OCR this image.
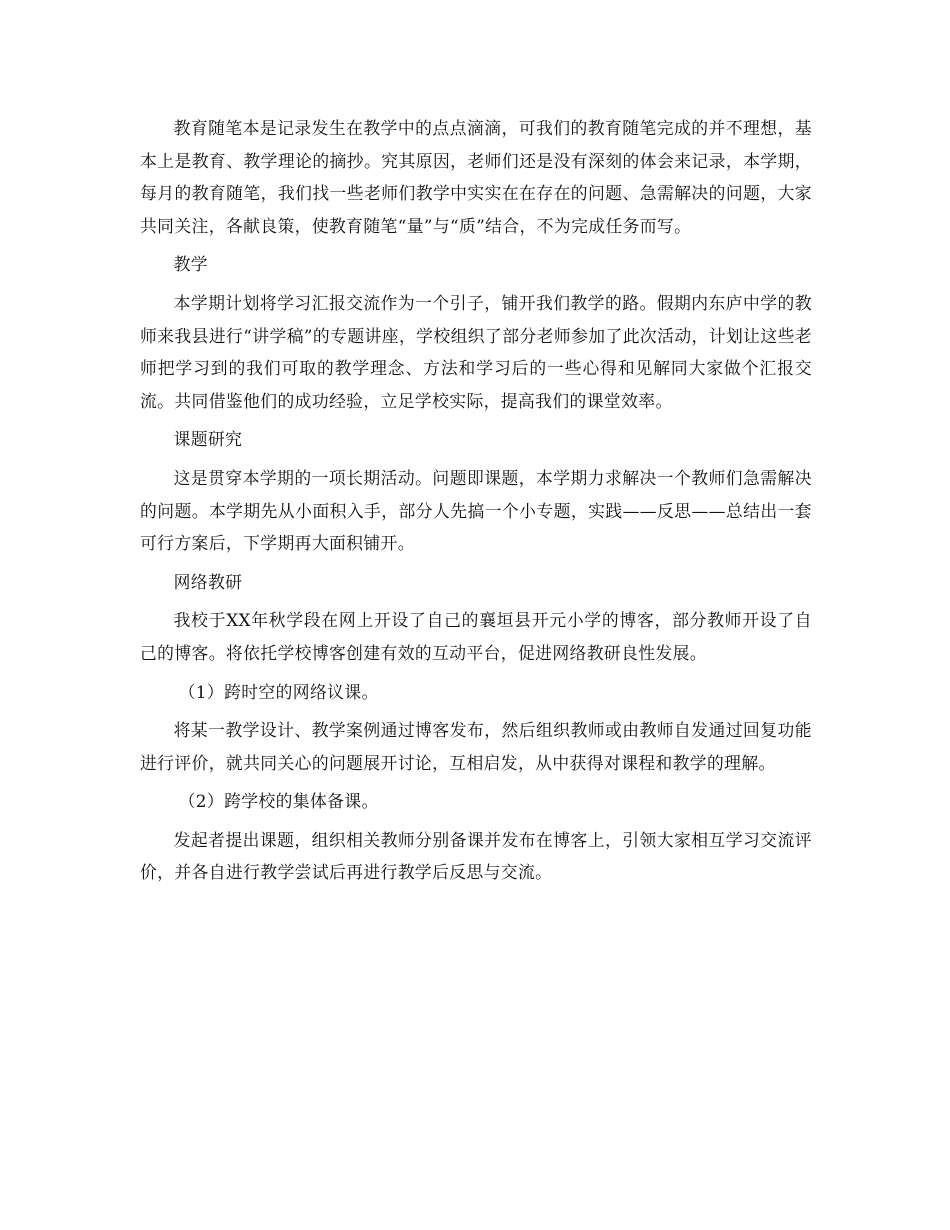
教育随笔本是记录发生在教学中的点点滴滴，可我们的教育随笔完成的并不理想，基本上是教育、教学理论的摘抄。究其原因，老师们还是没有深刻的体会来记录，本学期，每月的教育随笔，我们找一些老师们教学中实实在在存在的问题、急需解决的问题，大家共同关注，各献良策，使教育随笔“量”与“质”结合，不为完成任务而写。

教学

本学期计划将学习汇报交流作为一个引子，铺开我们教学的路。假期内东庐中学的教师来我县进行“讲学稿”的专题讲座，学校组织了部分老师参加了此次活动，计划让这些老师把学习到的我们可取的教学理念、方法和学习后的一些心得和见解同大家做个汇报交流。共同借鉴他们的成功经验，立足学校实际，提高我们的课堂效率。

课题研究

这是贯穿本学期的一项长期活动。问题即课题，本学期力求解决一个教师们急需解决的问题。本学期先从小面积入手，部分人先搞一个小专题，实践——反思——总结出一套可行方案后，下学期再大面积铺开。

网络教研

我校于XX年秋学段在网上开设了自己的襄垣县开元小学的博客，部分教师开设了自己的博客。将依托学校博客创建有效的互动平台，促进网络教研良性发展。

（1）跨时空的网络议课。

将某一教学设计、教学案例通过博客发布，然后组织教师或由教师自发通过回复功能进行评价，就共同关心的问题展开讨论，互相启发，从中获得对课程和教学的理解。

（2）跨学校的集体备课。

发起者提出课题，组织相关教师分别备课并发布在博客上，引领大家相互学习交流评价，并各自进行教学尝试后再进行教学后反思与交流。
